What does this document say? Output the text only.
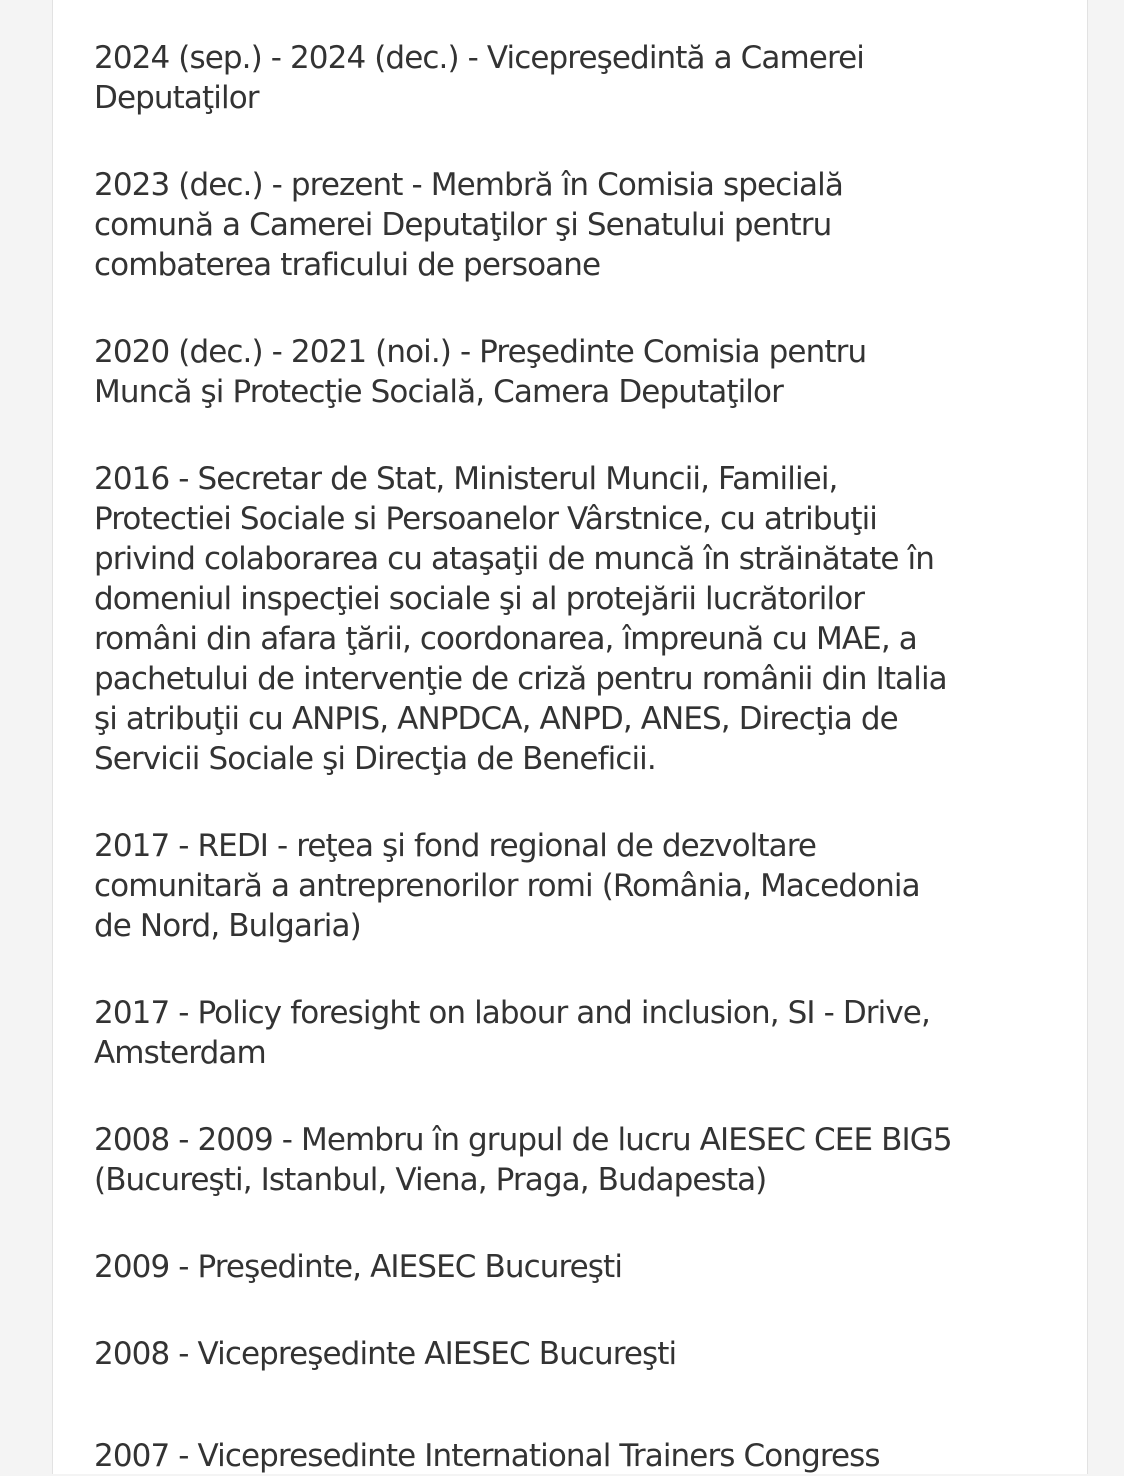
2024 (sep.) - 2024 (dec.) - Vicepreşedintă a Camerei
Deputaţilor
2023 (dec.) - prezent - Membră în Comisia specială
comună a Camerei Deputaţilor şi Senatului pentru
combaterea traficului de persoane
2020 (dec.) - 2021 (noi.) - Preşedinte Comisia pentru
Muncă şi Protecţie Socială, Camera Deputaţilor
2016 - Secretar de Stat, Ministerul Muncii, Familiei,
Protectiei Sociale si Persoanelor Vârstnice, cu atribuţii
privind colaborarea cu ataşaţii de muncă în străinătate în
domeniul inspecţiei sociale şi al protejării lucrătorilor
români din afara ţării, coordonarea, împreună cu MAE, a
pachetului de intervenţie de criză pentru românii din Italia
şi atribuţii cu ANPIS, ANPDCA, ANPD, ANES, Direcţia de
Servicii Sociale şi Direcţia de Beneficii.
2017 - REDI - reţea şi fond regional de dezvoltare
comunitară a antreprenorilor romi (România, Macedonia
de Nord, Bulgaria)
2017 - Policy foresight on labour and inclusion, SI - Drive,
Amsterdam
2008 - 2009 - Membru în grupul de lucru AIESEC CEE BIG5
(Bucureşti, Istanbul, Viena, Praga, Budapesta)
2009 - Preşedinte, AIESEC Bucureşti
2008 - Vicepreşedinte AIESEC Bucureşti
2007 - Vicepresedinte International Trainers Congress
